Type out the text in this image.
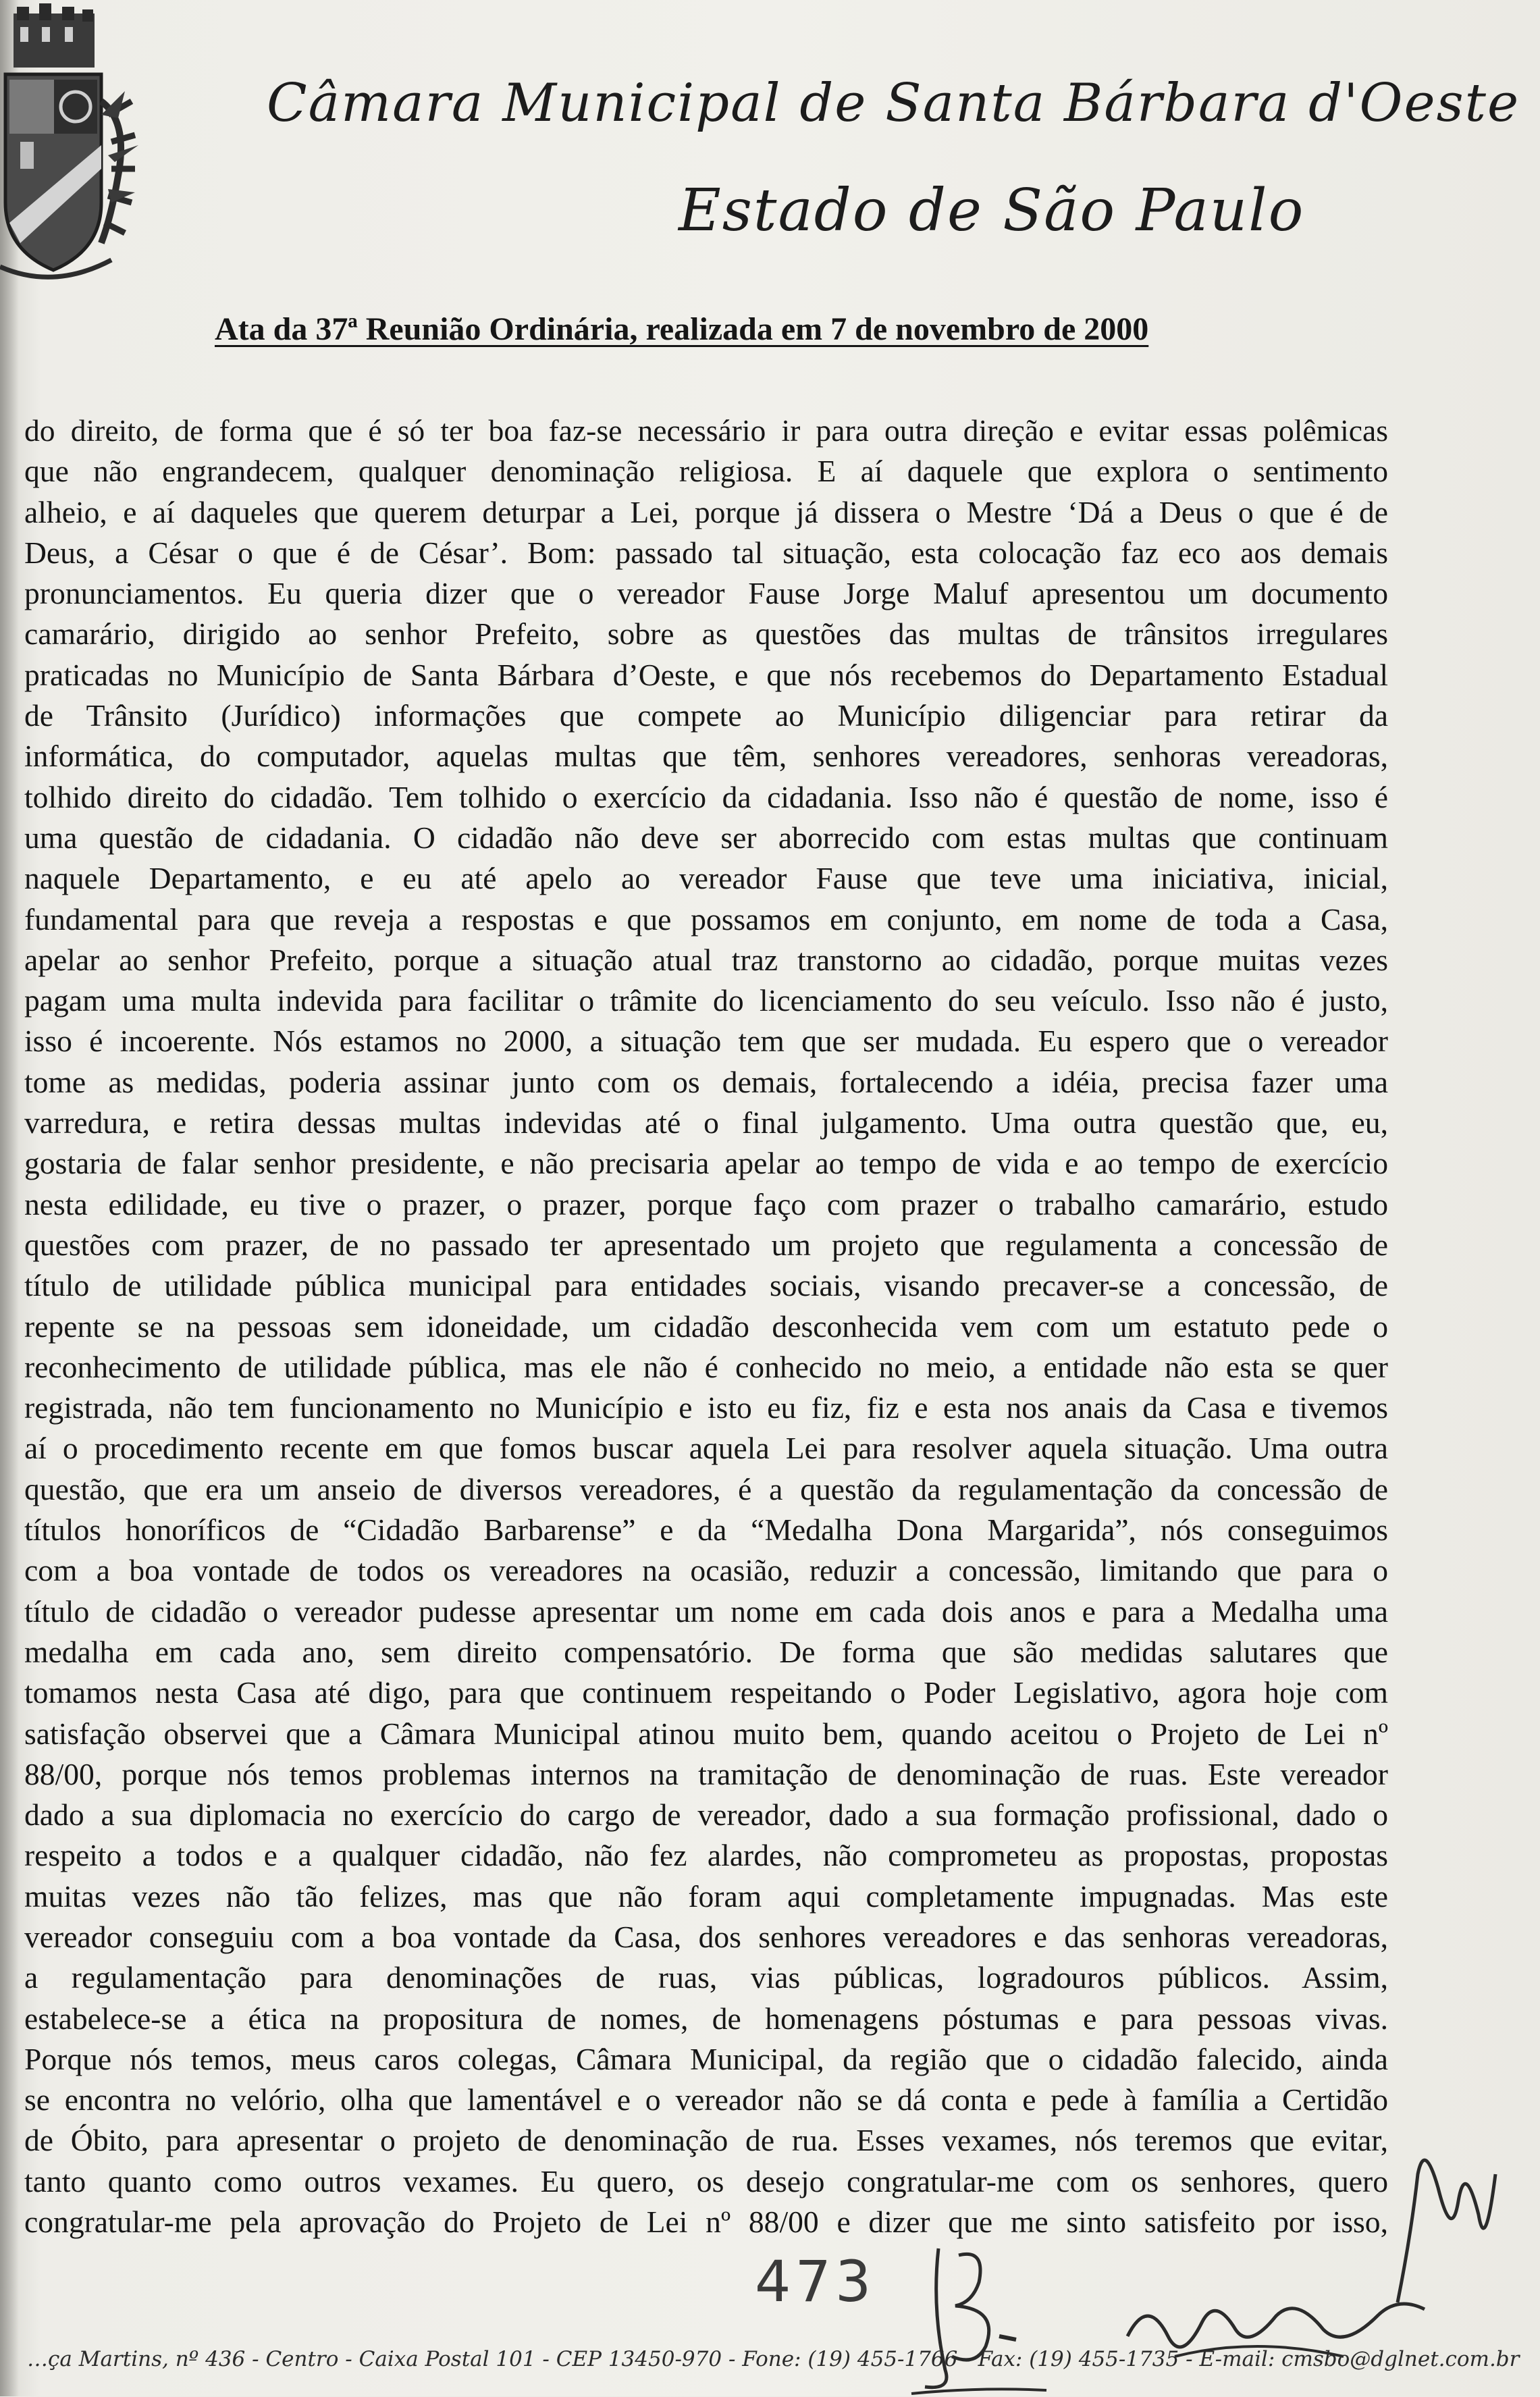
Câmara Municipal de Santa Bárbara d'Oeste
Estado de São Paulo
Ata da 37ª Reunião Ordinária, realizada em 7 de novembro de 2000
do direito, de forma que é só ter boa faz-se necessário ir para outra direção e evitar essas polêmicas
que não engrandecem, qualquer denominação religiosa. E aí daquele que explora o sentimento
alheio, e aí daqueles que querem deturpar a Lei, porque já dissera o Mestre ‘Dá a Deus o que é de
Deus, a César o que é de César’. Bom: passado tal situação, esta colocação faz eco aos demais
pronunciamentos. Eu queria dizer que o vereador Fause Jorge Maluf apresentou um documento
camarário, dirigido ao senhor Prefeito, sobre as questões das multas de trânsitos irregulares
praticadas no Município de Santa Bárbara d’Oeste, e que nós recebemos do Departamento Estadual
de Trânsito (Jurídico) informações que compete ao Município diligenciar para retirar da
informática, do computador, aquelas multas que têm, senhores vereadores, senhoras vereadoras,
tolhido direito do cidadão. Tem tolhido o exercício da cidadania. Isso não é questão de nome, isso é
uma questão de cidadania. O cidadão não deve ser aborrecido com estas multas que continuam
naquele Departamento, e eu até apelo ao vereador Fause que teve uma iniciativa, inicial,
fundamental para que reveja a respostas e que possamos em conjunto, em nome de toda a Casa,
apelar ao senhor Prefeito, porque a situação atual traz transtorno ao cidadão, porque muitas vezes
pagam uma multa indevida para facilitar o trâmite do licenciamento do seu veículo. Isso não é justo,
isso é incoerente. Nós estamos no 2000, a situação tem que ser mudada. Eu espero que o vereador
tome as medidas, poderia assinar junto com os demais, fortalecendo a idéia, precisa fazer uma
varredura, e retira dessas multas indevidas até o final julgamento. Uma outra questão que, eu,
gostaria de falar senhor presidente, e não precisaria apelar ao tempo de vida e ao tempo de exercício
nesta edilidade, eu tive o prazer, o prazer, porque faço com prazer o trabalho camarário, estudo
questões com prazer, de no passado ter apresentado um projeto que regulamenta a concessão de
título de utilidade pública municipal para entidades sociais, visando precaver-se a concessão, de
repente se na pessoas sem idoneidade, um cidadão desconhecida vem com um estatuto pede o
reconhecimento de utilidade pública, mas ele não é conhecido no meio, a entidade não esta se quer
registrada, não tem funcionamento no Município e isto eu fiz, fiz e esta nos anais da Casa e tivemos
aí o procedimento recente em que fomos buscar aquela Lei para resolver aquela situação. Uma outra
questão, que era um anseio de diversos vereadores, é a questão da regulamentação da concessão de
títulos honoríficos de “Cidadão Barbarense” e da “Medalha Dona Margarida”, nós conseguimos
com a boa vontade de todos os vereadores na ocasião, reduzir a concessão, limitando que para o
título de cidadão o vereador pudesse apresentar um nome em cada dois anos e para a Medalha uma
medalha em cada ano, sem direito compensatório. De forma que são medidas salutares que
tomamos nesta Casa até digo, para que continuem respeitando o Poder Legislativo, agora hoje com
satisfação observei que a Câmara Municipal atinou muito bem, quando aceitou o Projeto de Lei nº
88/00, porque nós temos problemas internos na tramitação de denominação de ruas. Este vereador
dado a sua diplomacia no exercício do cargo de vereador, dado a sua formação profissional, dado o
respeito a todos e a qualquer cidadão, não fez alardes, não comprometeu as propostas, propostas
muitas vezes não tão felizes, mas que não foram aqui completamente impugnadas. Mas este
vereador conseguiu com a boa vontade da Casa, dos senhores vereadores e das senhoras vereadoras,
a regulamentação para denominações de ruas, vias públicas, logradouros públicos. Assim,
estabelece-se a ética na propositura de nomes, de homenagens póstumas e para pessoas vivas.
Porque nós temos, meus caros colegas, Câmara Municipal, da região que o cidadão falecido, ainda
se encontra no velório, olha que lamentável e o vereador não se dá conta e pede à família a Certidão
de Óbito, para apresentar o projeto de denominação de rua. Esses vexames, nós teremos que evitar,
tanto quanto como outros vexames. Eu quero, os desejo congratular-me com os senhores, quero
congratular-me pela aprovação do Projeto de Lei nº 88/00 e dizer que me sinto satisfeito por isso,
473
…ça Martins, nº 436 - Centro - Caixa Postal 101 - CEP 13450-970 - Fone: (19) 455-1766 - Fax: (19) 455-1735 - E-mail: cmsbo@dglnet.com.br
